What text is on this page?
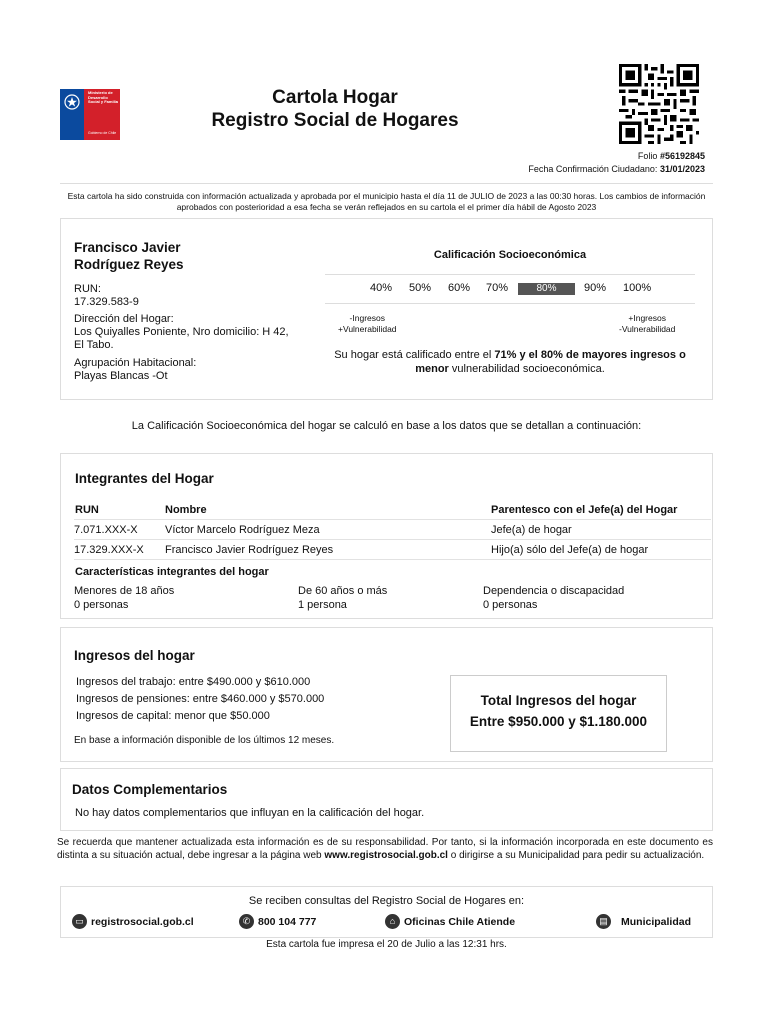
Ministerio de Desarrollo Social y Familia
Gobierno de Chile
Cartola Hogar
Registro Social de Hogares
Folio #56192845
Fecha Confirmación Ciudadano: 31/01/2023
Esta cartola ha sido construida con información actualizada y aprobada por el municipio hasta el día 11 de JULIO de 2023 a las 00:30 horas. Los cambios de información aprobados con posterioridad a esa fecha se verán reflejados en su cartola el el primer día hábil de Agosto 2023
Francisco Javier
Rodríguez Reyes
RUN:
17.329.583-9
Dirección del Hogar:
Los Quiyalles Poniente, Nro domicilio: H 42,
El Tabo.
Agrupación Habitacional:
Playas Blancas -Ot
Calificación Socioeconómica
40% 50% 60% 70%	80%	90% 100%
-Ingresos
+Vulnerabilidad
+Ingresos
-Vulnerabilidad
Su hogar está calificado entre el 71% y el 80% de mayores ingresos o menor vulnerabilidad socioeconómica.
La Calificación Socioeconómica del hogar se calculó en base a los datos que se detallan a continuación:
Integrantes del Hogar
RUN	Nombre	Parentesco con el Jefe(a) del Hogar
7.071.XXX-X Víctor Marcelo Rodríguez Meza	Jefe(a) de hogar
17.329.XXX-X Francisco Javier Rodríguez Reyes	Hijo(a) sólo del Jefe(a) de hogar
Características integrantes del hogar
Menores de 18 años
0 personas
De 60 años o más
1 persona
Dependencia o discapacidad
0 personas
Ingresos del hogar
Ingresos del trabajo: entre $490.000 y $610.000
Ingresos de pensiones: entre $460.000 y $570.000
Ingresos de capital: menor que $50.000
En base a información disponible de los últimos 12 meses.
Total Ingresos del hogar
Entre $950.000 y $1.180.000
Datos Complementarios
No hay datos complementarios que influyan en la calificación del hogar.
Se recuerda que mantener actualizada esta información es de su responsabilidad. Por tanto, si la información incorporada en este documento es distinta a su situación actual, debe ingresar a la página web www.registrosocial.gob.cl o dirigirse a su Municipalidad para pedir su actualización.
Se reciben consultas del Registro Social de Hogares en:
▭ registrosocial.gob.cl	✆ 800 104 777	⌂ Oficinas Chile Atiende	▤	Municipalidad
Esta cartola fue impresa el 20 de Julio a las 12:31 hrs.
